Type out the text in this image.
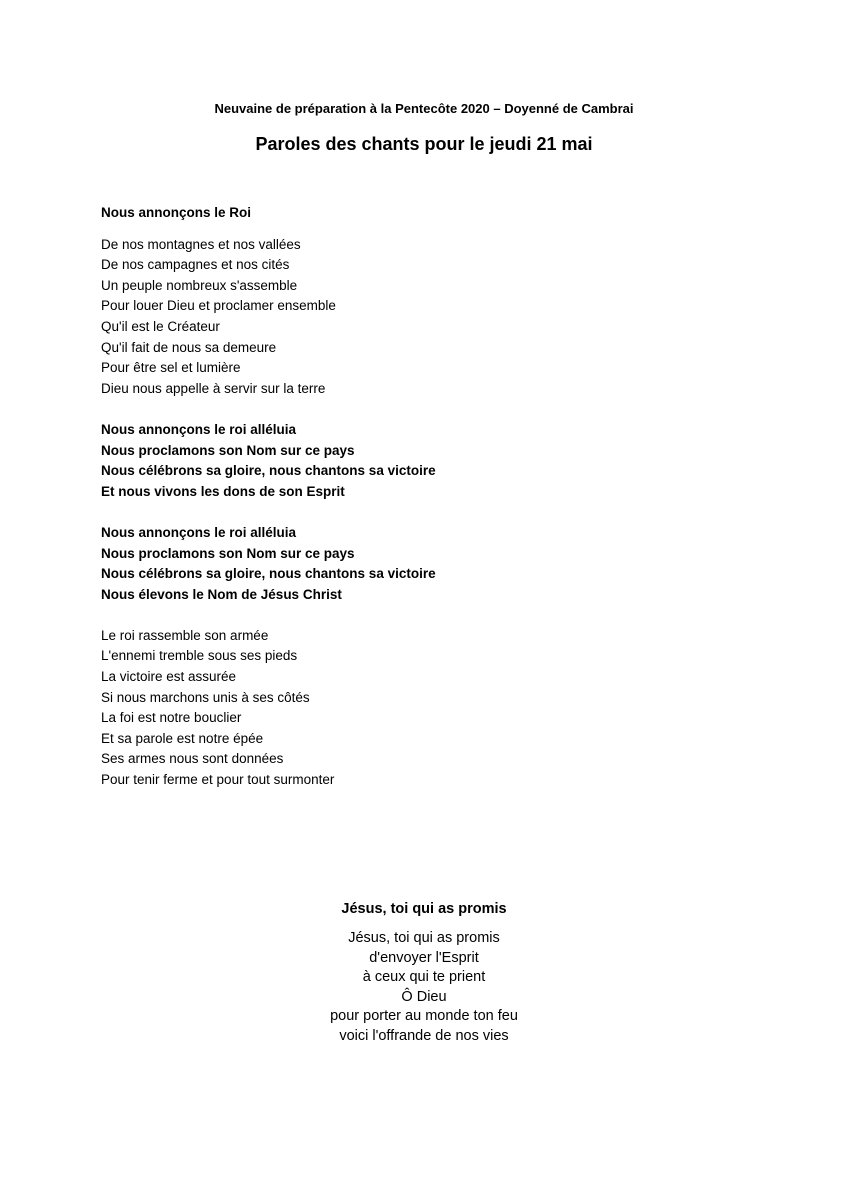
Neuvaine de préparation à la Pentecôte 2020 – Doyenné de Cambrai
Paroles des chants pour le jeudi 21 mai
Nous annonçons le Roi
De nos montagnes et nos vallées
De nos campagnes et nos cités
Un peuple nombreux s'assemble
Pour louer Dieu et proclamer ensemble
Qu'il est le Créateur
Qu'il fait de nous sa demeure
Pour être sel et lumière
Dieu nous appelle à servir sur la terre
Nous annonçons le roi alléluia
Nous proclamons son Nom sur ce pays
Nous célébrons sa gloire, nous chantons sa victoire
Et nous vivons les dons de son Esprit
Nous annonçons le roi alléluia
Nous proclamons son Nom sur ce pays
Nous célébrons sa gloire, nous chantons sa victoire
Nous élevons le Nom de Jésus Christ
Le roi rassemble son armée
L'ennemi tremble sous ses pieds
La victoire est assurée
Si nous marchons unis à ses côtés
La foi est notre bouclier
Et sa parole est notre épée
Ses armes nous sont données
Pour tenir ferme et pour tout surmonter
Jésus, toi qui as promis
Jésus, toi qui as promis
d'envoyer l'Esprit
à ceux qui te prient
Ô Dieu
pour porter au monde ton feu
voici l'offrande de nos vies
